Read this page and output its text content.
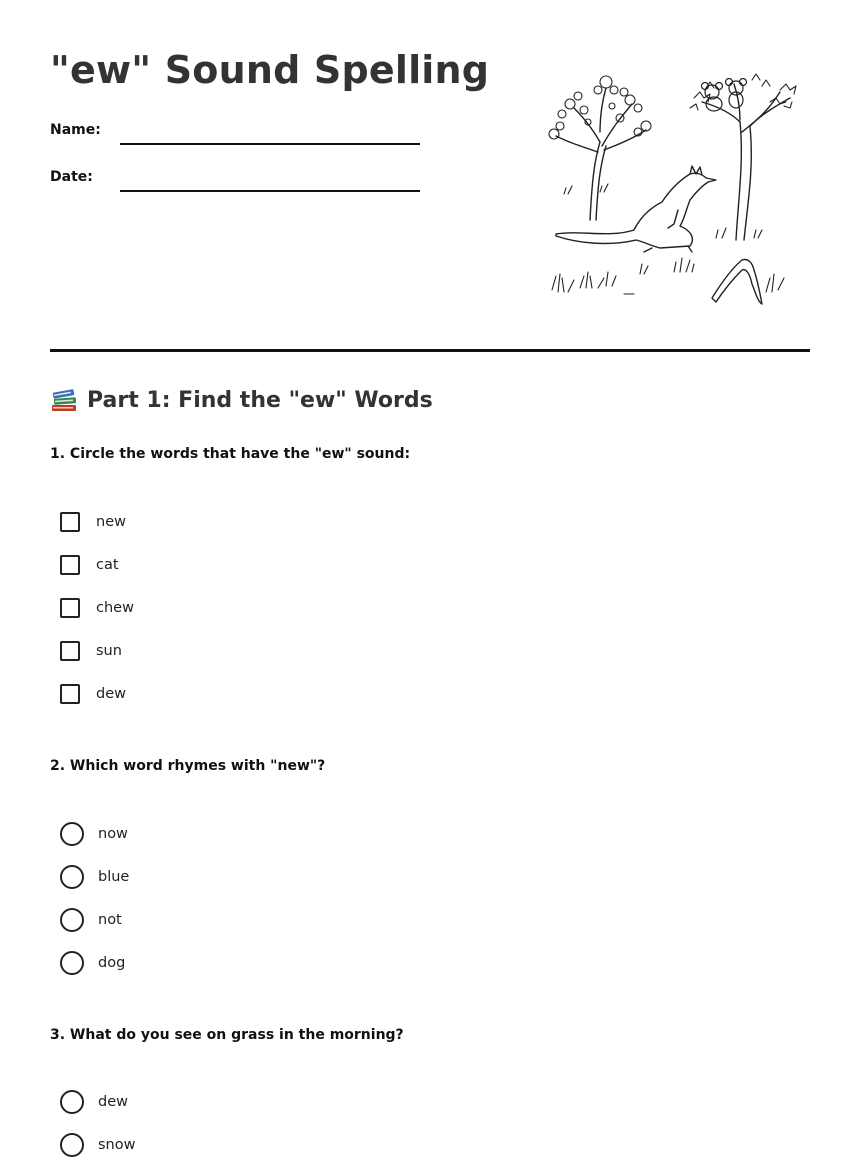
"ew" Sound Spelling
Name:
Date:
Part 1: Find the "ew" Words
1. Circle the words that have the "ew" sound:
new
cat
chew
sun
dew
2. Which word rhymes with "new"?
now
blue
not
dog
3. What do you see on grass in the morning?
dew
snow
